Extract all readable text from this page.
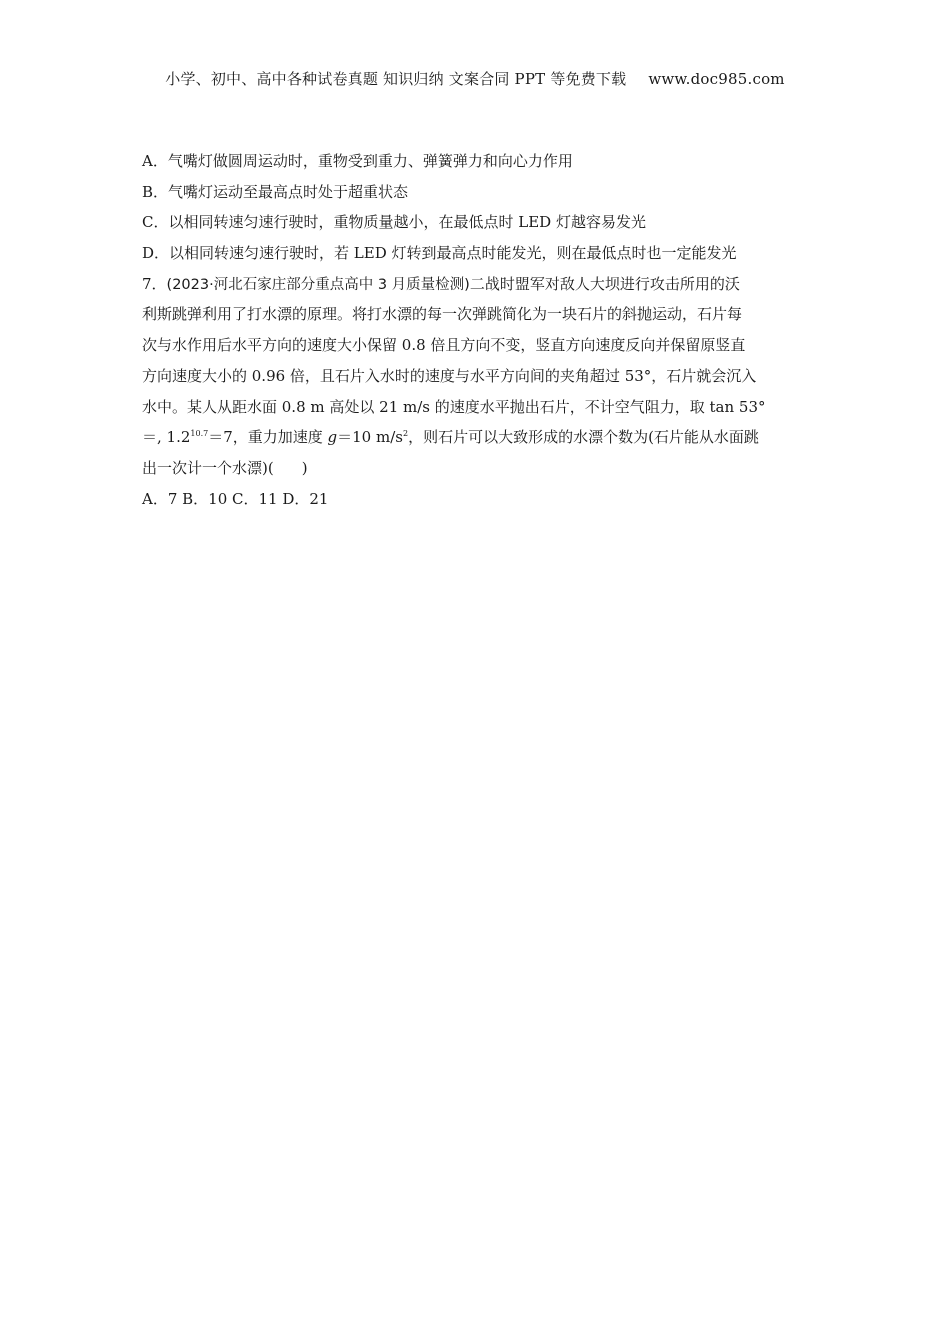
小学、初中、高中各种试卷真题 知识归纳 文案合同 PPT 等免费下载 www.doc985.com
A．气嘴灯做圆周运动时，重物受到重力、弹簧弹力和向心力作用
B．气嘴灯运动至最高点时处于超重状态
C．以相同转速匀速行驶时，重物质量越小，在最低点时 LED 灯越容易发光
D．以相同转速匀速行驶时，若 LED 灯转到最高点时能发光，则在最低点时也一定能发光
7．(2023·河北石家庄部分重点高中 3 月质量检测)二战时盟军对敌人大坝进行攻击所用的沃
利斯跳弹利用了打水漂的原理。将打水漂的每一次弹跳简化为一块石片的斜抛运动，石片每
次与水作用后水平方向的速度大小保留 0.8 倍且方向不变，竖直方向速度反向并保留原竖直
方向速度大小的 0.96 倍，且石片入水时的速度与水平方向间的夹角超过 53°，石片就会沉入
水中。某人从距水面 0.8 m 高处以 21 m/s 的速度水平抛出石片，不计空气阻力，取 tan 53°
＝, $1.2^{10.7}=7$，重力加速度 g＝10 $m/s^2$，则石片可以大致形成的水漂个数为(石片能从水面跳
出一次计一个水漂)( )
A．7 B．10 C．11 D．21
